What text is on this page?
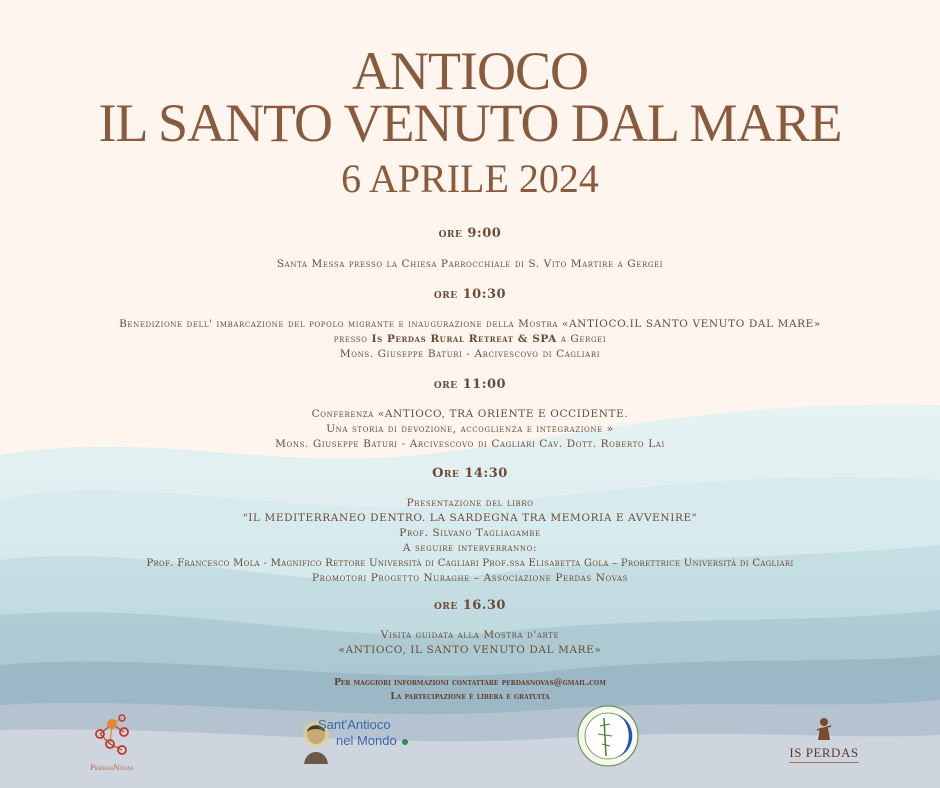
ANTIOCO
IL SANTO VENUTO DAL MARE
6 APRILE 2024
ore 9:00
Santa Messa presso la Chiesa Parrocchiale di S. Vito Martire a Gergei
ore 10:30
Benedizione dell' imbarcazione del popolo migrante e inaugurazione della Mostra «ANTIOCO.IL SANTO VENUTO DAL MARE»
presso Is Perdas Rural Retreat & SPA a Gergei
Mons. Giuseppe Baturi - Arcivescovo di Cagliari
ore 11:00
Conferenza «ANTIOCO, TRA ORIENTE E OCCIDENTE.
Una storia di devozione, accoglienza e integrazione »
Mons. Giuseppe Baturi - Arcivescovo di Cagliari Cav. Dott. Roberto Lai
Ore 14:30
Presentazione del libro
"IL MEDITERRANEO DENTRO. LA SARDEGNA TRA MEMORIA E AVVENIRE"
Prof. Silvano Tagliagambe
A seguire interverranno:
Prof. Francesco Mola - Magnifico Rettore Università di Cagliari Prof.ssa Elisabetta Gola – Prorettrice Università di Cagliari
Promotori Progetto Nuraghe – Associazione Perdas Novas
ore 16.30
Visita guidata alla Mostra d'arte
«ANTIOCO, IL SANTO VENUTO DAL MARE»
Per maggiori informazioni contattare perdasnovas@gmail.com
La partecipazione è libera e gratuita
PerdasNovas
Sant'Antioco
nel Mondo
IS PERDAS
